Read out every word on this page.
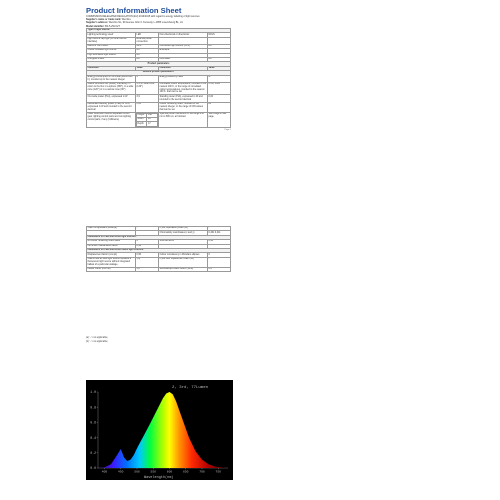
Product Information Sheet
COMMISSION DELEGATED REGULATION (EU) 2019/2015 with regard to energy labelling of light sources
Supplier's name or trade mark: Wemhre
Supplier's address: Wemhre NL, 99 Avenue John F. Kennedy, L-1855 Luxembourg BL, LU
Model identifier: BF-5-2W-C2T
Type of light source:
Lighting technology used:	LED	Non-directional or directional:	NDLS
Light source cap-type (or other electric interface)	External power connection		
Mains or non-mains:	MLS	Connected light source (CLS):	No
Colour-tuneable light source:	No	Envelope:	
High luminance light source:	No		
Anti-glare shield:	No	Dimmable:	No
Product parameters
Parameter	Value	Parameter	Value
General product parameters:
Energy consumption in on-mode (kWh/1000 h), rounded up to the nearest integer	4	Energy efficiency class	G
Useful luminous flux (Φuse), indicating if it refers to the flux in a sphere (360°), in a wide cone (120°) or in a narrow cone (90°)	370 in Wide cone (120°)	Correlated colour temperature, rounded to the nearest 100 K, or the range of correlated colour temperatures, rounded to the nearest 100 K, that can be set	2700, 3000
On-mode power (Pon), expressed in W	3,9	Standby power (Psb), expressed in W and rounded to the second decimal	0,00
Networked standby power (Pnet) for CLS, expressed in W and rounded to the second decimal	0,00	Colour rendering index, rounded to the nearest integer, or the range of CRI-values that can be set	80
Outer dimension without separate control gear, lighting control parts and non-lighting control parts, if any (millimetre)	
Height	198
Width	20
Depth	17
	Spectral power distribution in the range 250 nm to 800 nm, at full-load	See image in last page
Page 1
Claim of equivalent power(a)	-	If yes, equivalent power (W)	-
		Chromaticity coordinates (x and y)	0,461 0,411
Parameters for LED and OLED light sources:			
R9 colour rendering index value	6	Survival factor	0,96
the lumen maintenance factor	0,96		
Parameters for LED and OLED mains light sources:			
Displacement factor (cos φ1)	0,50	Colour consistency in McAdam ellipses	6
Claims that an LED light source replaces a fluorescent light source without integrated ballast of a particular wattage.	-(b)	If yes then replacement claim (W)	-
Flicker metric (Pst LM)	1,0	Stroboscopic effect metric (SVM)	0,4
(a) '-': not applicable;
(b) '-': not applicable;
0.0
0.2
0.4
0.6
0.8
1.0
400	450	500	550	600	650	700	750
2, 3rd, 77Lumen
Wavelength(nm)
